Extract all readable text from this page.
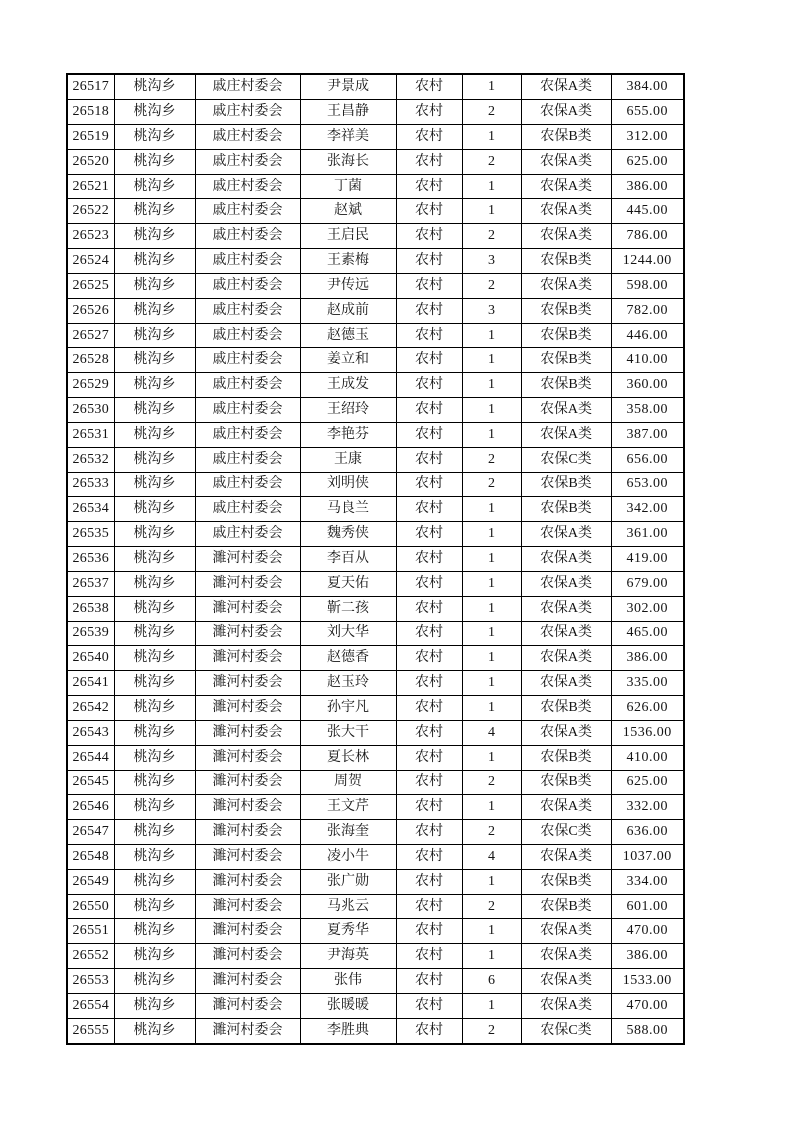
26517	桃沟乡	戚庄村委会	尹景成	农村	1	农保A类	384.00
26518	桃沟乡	戚庄村委会	王昌静	农村	2	农保A类	655.00
26519	桃沟乡	戚庄村委会	李祥美	农村	1	农保B类	312.00
26520	桃沟乡	戚庄村委会	张海长	农村	2	农保A类	625.00
26521	桃沟乡	戚庄村委会	丁菌	农村	1	农保A类	386.00
26522	桃沟乡	戚庄村委会	赵斌	农村	1	农保A类	445.00
26523	桃沟乡	戚庄村委会	王启民	农村	2	农保A类	786.00
26524	桃沟乡	戚庄村委会	王素梅	农村	3	农保B类	1244.00
26525	桃沟乡	戚庄村委会	尹传远	农村	2	农保A类	598.00
26526	桃沟乡	戚庄村委会	赵成前	农村	3	农保B类	782.00
26527	桃沟乡	戚庄村委会	赵德玉	农村	1	农保B类	446.00
26528	桃沟乡	戚庄村委会	姜立和	农村	1	农保B类	410.00
26529	桃沟乡	戚庄村委会	王成发	农村	1	农保B类	360.00
26530	桃沟乡	戚庄村委会	王绍玲	农村	1	农保A类	358.00
26531	桃沟乡	戚庄村委会	李艳芬	农村	1	农保A类	387.00
26532	桃沟乡	戚庄村委会	王康	农村	2	农保C类	656.00
26533	桃沟乡	戚庄村委会	刘明侠	农村	2	农保B类	653.00
26534	桃沟乡	戚庄村委会	马良兰	农村	1	农保B类	342.00
26535	桃沟乡	戚庄村委会	魏秀侠	农村	1	农保A类	361.00
26536	桃沟乡	濉河村委会	李百从	农村	1	农保A类	419.00
26537	桃沟乡	濉河村委会	夏天佑	农村	1	农保A类	679.00
26538	桃沟乡	濉河村委会	靳二孩	农村	1	农保A类	302.00
26539	桃沟乡	濉河村委会	刘大华	农村	1	农保A类	465.00
26540	桃沟乡	濉河村委会	赵德香	农村	1	农保A类	386.00
26541	桃沟乡	濉河村委会	赵玉玲	农村	1	农保A类	335.00
26542	桃沟乡	濉河村委会	孙宇凡	农村	1	农保B类	626.00
26543	桃沟乡	濉河村委会	张大干	农村	4	农保A类	1536.00
26544	桃沟乡	濉河村委会	夏长林	农村	1	农保B类	410.00
26545	桃沟乡	濉河村委会	周贺	农村	2	农保B类	625.00
26546	桃沟乡	濉河村委会	王文芹	农村	1	农保A类	332.00
26547	桃沟乡	濉河村委会	张海奎	农村	2	农保C类	636.00
26548	桃沟乡	濉河村委会	凌小牛	农村	4	农保A类	1037.00
26549	桃沟乡	濉河村委会	张广勋	农村	1	农保B类	334.00
26550	桃沟乡	濉河村委会	马兆云	农村	2	农保B类	601.00
26551	桃沟乡	濉河村委会	夏秀华	农村	1	农保A类	470.00
26552	桃沟乡	濉河村委会	尹海英	农村	1	农保A类	386.00
26553	桃沟乡	濉河村委会	张伟	农村	6	农保A类	1533.00
26554	桃沟乡	濉河村委会	张暖暖	农村	1	农保A类	470.00
26555	桃沟乡	濉河村委会	李胜典	农村	2	农保C类	588.00
